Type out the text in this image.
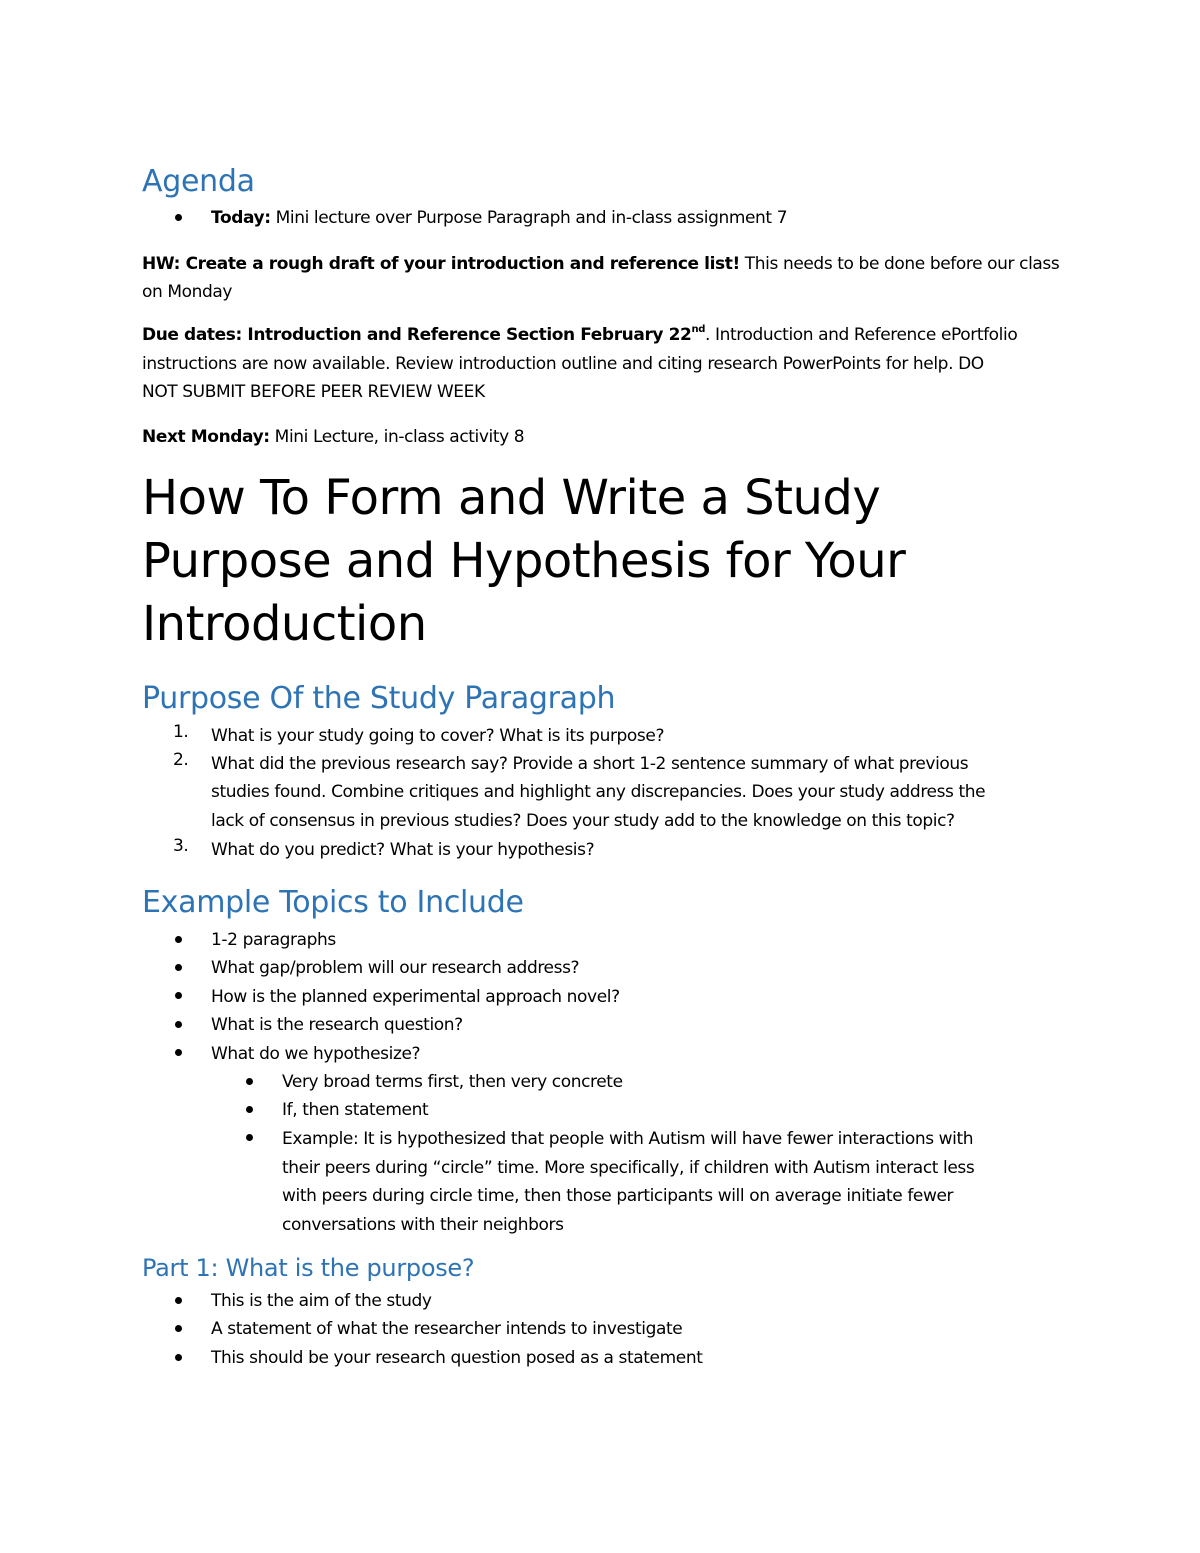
Agenda
Today: Mini lecture over Purpose Paragraph and in-class assignment 7
HW: Create a rough draft of your introduction and reference list! This needs to be done before our class
on Monday
Due dates: Introduction and Reference Section February 22nd. Introduction and Reference ePortfolio
instructions are now available. Review introduction outline and citing research PowerPoints for help. DO
NOT SUBMIT BEFORE PEER REVIEW WEEK
Next Monday: Mini Lecture, in-class activity 8
How To Form and Write a Study
Purpose and Hypothesis for Your
Introduction
Purpose Of the Study Paragraph
1. What is your study going to cover? What is its purpose?
2. What did the previous research say? Provide a short 1-2 sentence summary of what previous
studies found. Combine critiques and highlight any discrepancies. Does your study address the
lack of consensus in previous studies? Does your study add to the knowledge on this topic?
3. What do you predict? What is your hypothesis?
Example Topics to Include
1-2 paragraphs
What gap/problem will our research address?
How is the planned experimental approach novel?
What is the research question?
What do we hypothesize?
Very broad terms first, then very concrete
If, then statement
Example: It is hypothesized that people with Autism will have fewer interactions with
their peers during “circle” time. More specifically, if children with Autism interact less
with peers during circle time, then those participants will on average initiate fewer
conversations with their neighbors
Part 1: What is the purpose?
This is the aim of the study
A statement of what the researcher intends to investigate
This should be your research question posed as a statement
